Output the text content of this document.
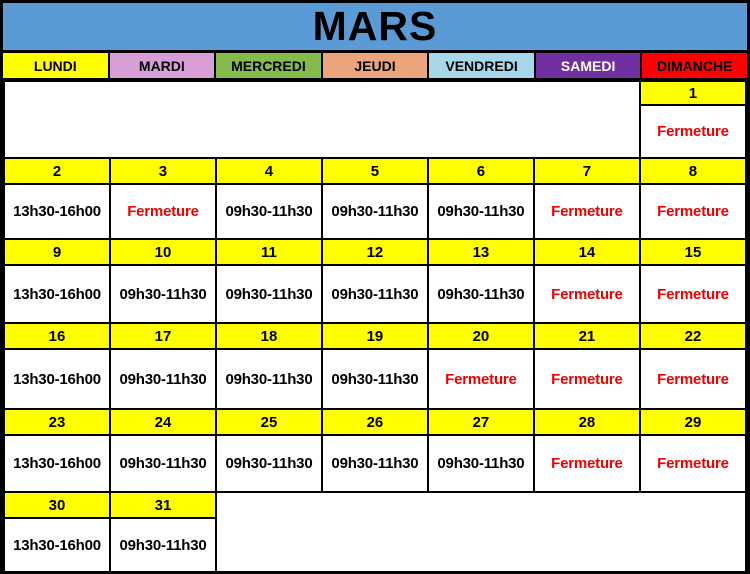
MARS
LUNDI	MARDI	MERCREDI	JEUDI	VENDREDI	SAMEDI	DIMANCHE
						1
						Fermeture
2	3	4	5	6	7	8
13h30-16h00	Fermeture	09h30-11h30	09h30-11h30	09h30-11h30	Fermeture	Fermeture
9	10	11	12	13	14	15
13h30-16h00	09h30-11h30	09h30-11h30	09h30-11h30	09h30-11h30	Fermeture	Fermeture
16	17	18	19	20	21	22
13h30-16h00	09h30-11h30	09h30-11h30	09h30-11h30	Fermeture	Fermeture	Fermeture
23	24	25	26	27	28	29
13h30-16h00	09h30-11h30	09h30-11h30	09h30-11h30	09h30-11h30	Fermeture	Fermeture
30	31					
13h30-16h00	09h30-11h30					
